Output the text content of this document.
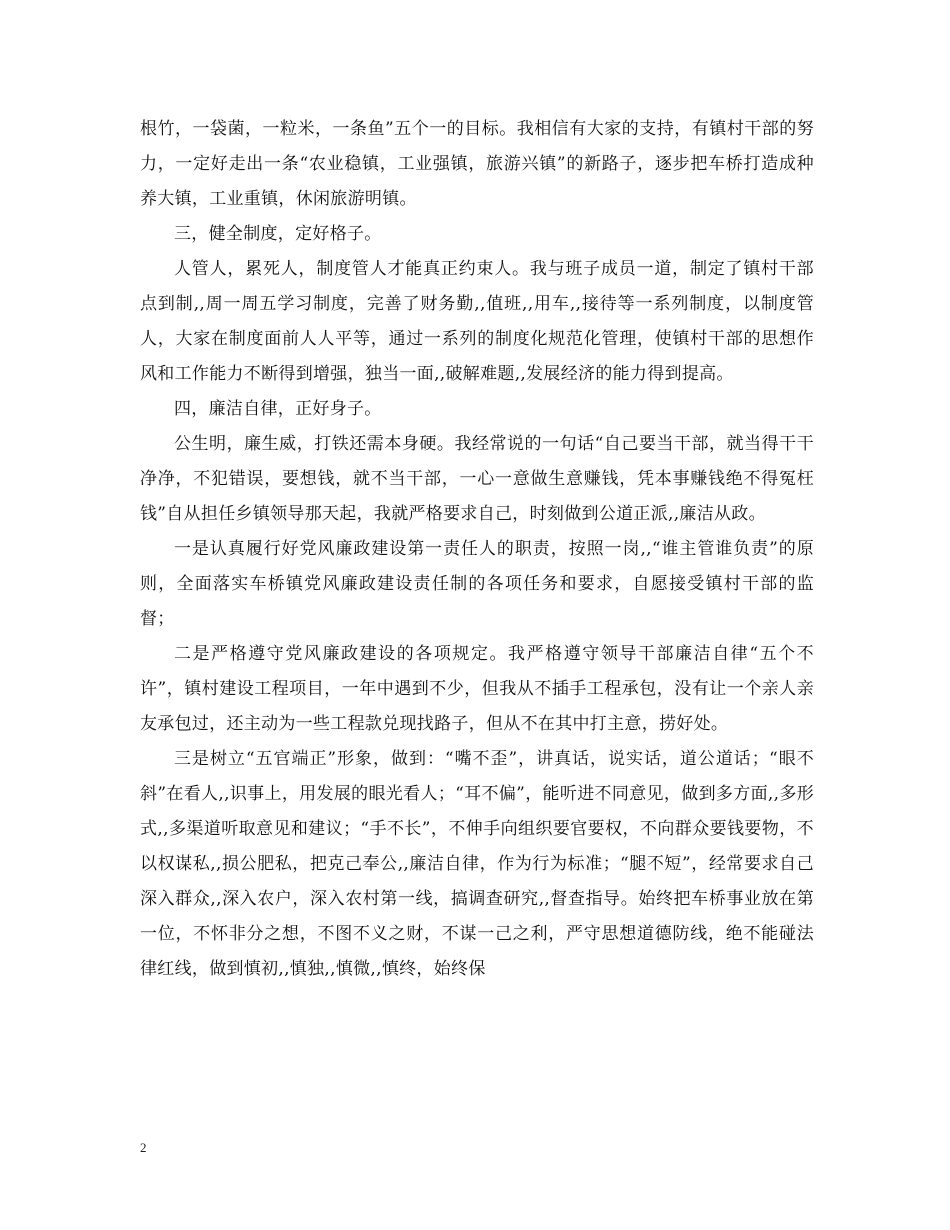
根竹，一袋菌，一粒米，一条鱼”五个一的目标。我相信有大家的支持，有镇村干部的努力，一定好走出一条“农业稳镇，工业强镇，旅游兴镇”的新路子，逐步把车桥打造成种养大镇，工业重镇，休闲旅游明镇。

三，健全制度，定好格子。

人管人，累死人，制度管人才能真正约束人。我与班子成员一道，制定了镇村干部点到制,,周一周五学习制度，完善了财务勤,,值班,,用车,,接待等一系列制度，以制度管人，大家在制度面前人人平等，通过一系列的制度化规范化管理，使镇村干部的思想作风和工作能力不断得到增强，独当一面,,破解难题,,发展经济的能力得到提高。

四，廉洁自律，正好身子。

公生明，廉生威，打铁还需本身硬。我经常说的一句话“自己要当干部，就当得干干净净，不犯错误，要想钱，就不当干部，一心一意做生意赚钱，凭本事赚钱绝不得冤枉钱”自从担任乡镇领导那天起，我就严格要求自己，时刻做到公道正派,,廉洁从政。

一是认真履行好党风廉政建设第一责任人的职责，按照一岗,,“谁主管谁负责”的原则，全面落实车桥镇党风廉政建设责任制的各项任务和要求，自愿接受镇村干部的监督；

二是严格遵守党风廉政建设的各项规定。我严格遵守领导干部廉洁自律“五个不许”，镇村建设工程项目，一年中遇到不少，但我从不插手工程承包，没有让一个亲人亲友承包过，还主动为一些工程款兑现找路子，但从不在其中打主意，捞好处。

三是树立“五官端正”形象，做到：“嘴不歪”，讲真话，说实话，道公道话；“眼不斜”在看人,,识事上，用发展的眼光看人；“耳不偏”，能听进不同意见，做到多方面,,多形式,,多渠道听取意见和建议；“手不长”，不伸手向组织要官要权，不向群众要钱要物，不以权谋私,,损公肥私，把克己奉公,,廉洁自律，作为行为标准；“腿不短”，经常要求自己深入群众,,深入农户，深入农村第一线，搞调查研究,,督查指导。始终把车桥事业放在第一位，不怀非分之想，不图不义之财，不谋一己之利，严守思想道德防线，绝不能碰法律红线，做到慎初,,慎独,,慎微,,慎终，始终保

2
